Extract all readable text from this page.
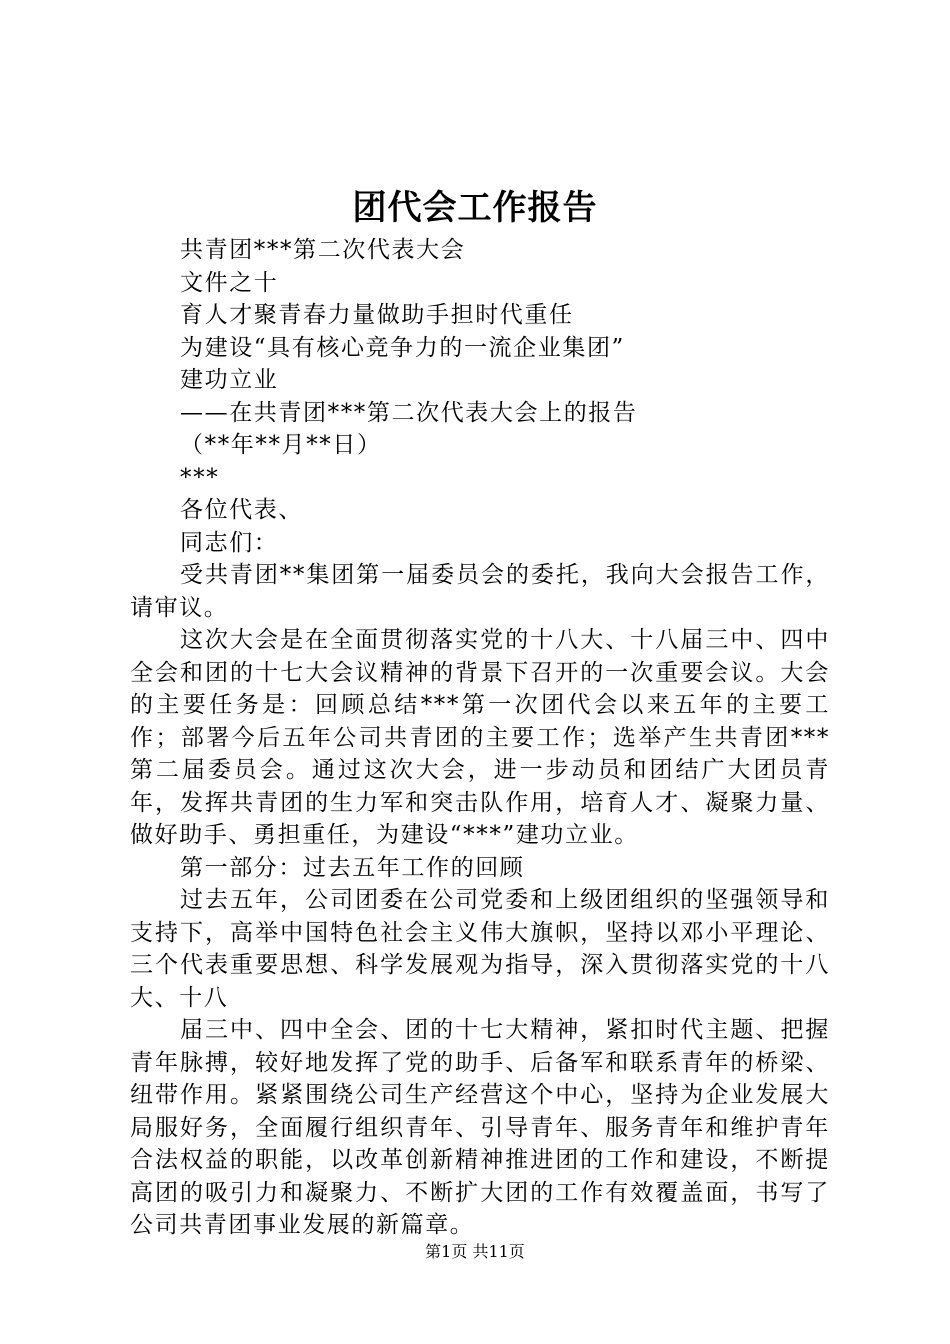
团代会工作报告

共青团***第二次代表大会

文件之十

育人才聚青春力量做助手担时代重任

为建设“具有核心竞争力的一流企业集团”

建功立业

——在共青团***第二次代表大会上的报告

（**年**月**日）

***

各位代表、

同志们：

受共青团**集团第一届委员会的委托，我向大会报告工作，请审议。

这次大会是在全面贯彻落实党的十八大、十八届三中、四中全会和团的十七大会议精神的背景下召开的一次重要会议。大会的主要任务是：回顾总结***第一次团代会以来五年的主要工作；部署今后五年公司共青团的主要工作；选举产生共青团***第二届委员会。通过这次大会，进一步动员和团结广大团员青年，发挥共青团的生力军和突击队作用，培育人才、凝聚力量、做好助手、勇担重任，为建设“***”建功立业。

第一部分：过去五年工作的回顾

过去五年，公司团委在公司党委和上级团组织的坚强领导和支持下，高举中国特色社会主义伟大旗帜，坚持以邓小平理论、三个代表重要思想、科学发展观为指导，深入贯彻落实党的十八大、十八

届三中、四中全会、团的十七大精神，紧扣时代主题、把握青年脉搏，较好地发挥了党的助手、后备军和联系青年的桥梁、纽带作用。紧紧围绕公司生产经营这个中心，坚持为企业发展大局服好务，全面履行组织青年、引导青年、服务青年和维护青年合法权益的职能，以改革创新精神推进团的工作和建设，不断提高团的吸引力和凝聚力、不断扩大团的工作有效覆盖面，书写了公司共青团事业发展的新篇章。

第1页 共11页
